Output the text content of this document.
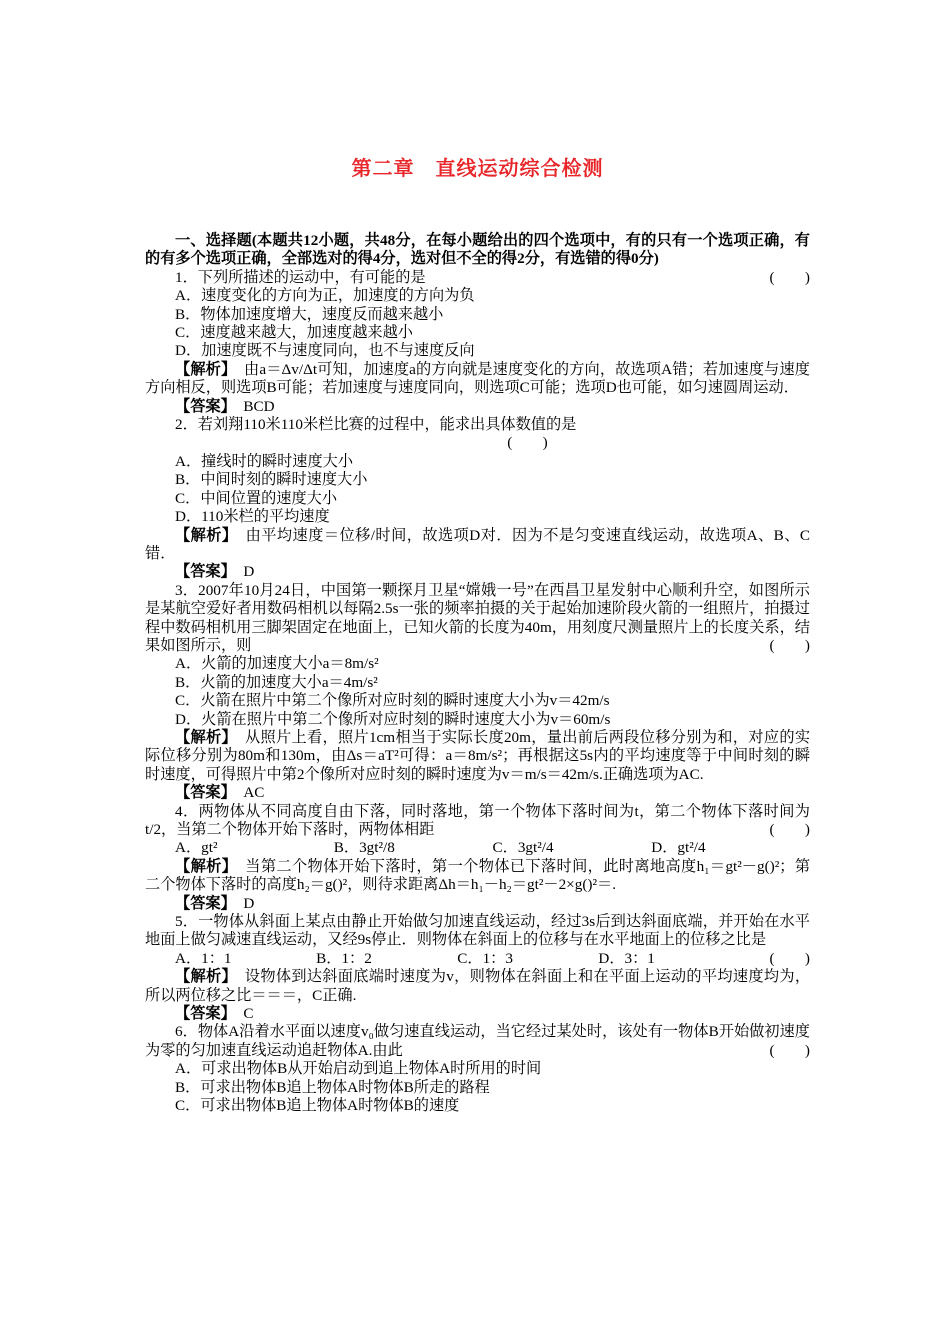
第二章　直线运动综合检测

一、选择题(本题共12小题，共48分，在每小题给出的四个选项中，有的只有一个选项正确，有的有多个选项正确，全部选对的得4分，选对但不全的得2分，有选错的得0分)

1．下列所描述的运动中，有可能的是	(　　)

A．速度变化的方向为正，加速度的方向为负

B．物体加速度增大，速度反而越来越小

C．速度越来越大，加速度越来越小

D．加速度既不与速度同向，也不与速度反向

【解析】　 由a＝Δv/Δt可知，加速度a的方向就是速度变化的方向，故选项A错；若加速度与速度方向相反，则选项B可能；若加速度与速度同向，则选项C可能；选项D也可能，如匀速圆周运动．

【答案】　 BCD

2．若刘翔110米110米栏比赛的过程中，能求出具体数值的是

(　　)

A．撞线时的瞬时速度大小

B．中间时刻的瞬时速度大小

C．中间位置的速度大小

D．110米栏的平均速度

【解析】　 由平均速度＝位移/时间，故选项D对．因为不是匀变速直线运动，故选项A、B、C错．

【答案】　 D

3．2007年10月24日，中国第一颗探月卫星“嫦娥一号”在西昌卫星发射中心顺利升空，如图所示是某航空爱好者用数码相机以每隔2.5s一张的频率拍摄的关于起始加速阶段火箭的一组照片，拍摄过程中数码相机用三脚架固定在地面上，已知火箭的长度为40m，用刻度尺测量照片上的长度关系，结果如图所示，则	(　　)

A．火箭的加速度大小a＝8m/s²

B．火箭的加速度大小a＝4m/s²

C．火箭在照片中第二个像所对应时刻的瞬时速度大小为v＝42m/s

D．火箭在照片中第二个像所对应时刻的瞬时速度大小为v＝60m/s

【解析】　 从照片上看，照片1cm相当于实际长度20m，量出前后两段位移分别为和，对应的实际位移分别为80m和130m，由Δs＝aT²可得：a＝8m/s²；再根据这5s内的平均速度等于中间时刻的瞬时速度，可得照片中第2个像所对应时刻的瞬时速度为v＝m/s＝42m/s.正确选项为AC.

【答案】　 AC

4．两物体从不同高度自由下落，同时落地，第一个物体下落时间为t，第二个物体下落时间为t/2，当第二个物体开始下落时，两物体相距	(　　)

A．gt²	B．3gt²/8	C．3gt²/4	D．gt²/4

【解析】　 当第二个物体开始下落时，第一个物体已下落时间，此时离地高度h₁＝gt²－g()²；第二个物体下落时的高度h₂＝g()²，则待求距离Δh＝h₁－h₂＝gt²－2×g()²＝.

【答案】　 D

5．一物体从斜面上某点由静止开始做匀加速直线运动，经过3s后到达斜面底端，并开始在水平地面上做匀减速直线运动，又经9s停止．则物体在斜面上的位移与在水平地面上的位移之比是
(　　)

A．1：1	B．1：2	C．1：3	D．3：1

【解析】　 设物体到达斜面底端时速度为v，则物体在斜面上和在平面上运动的平均速度均为，所以两位移之比＝＝＝，C正确.

【答案】　 C

6．物体A沿着水平面以速度v₀做匀速直线运动，当它经过某处时，该处有一物体B开始做初速度为零的匀加速直线运动追赶物体A.由此	(　　)

A．可求出物体B从开始启动到追上物体A时所用的时间

B．可求出物体B追上物体A时物体B所走的路程

C．可求出物体B追上物体A时物体B的速度
